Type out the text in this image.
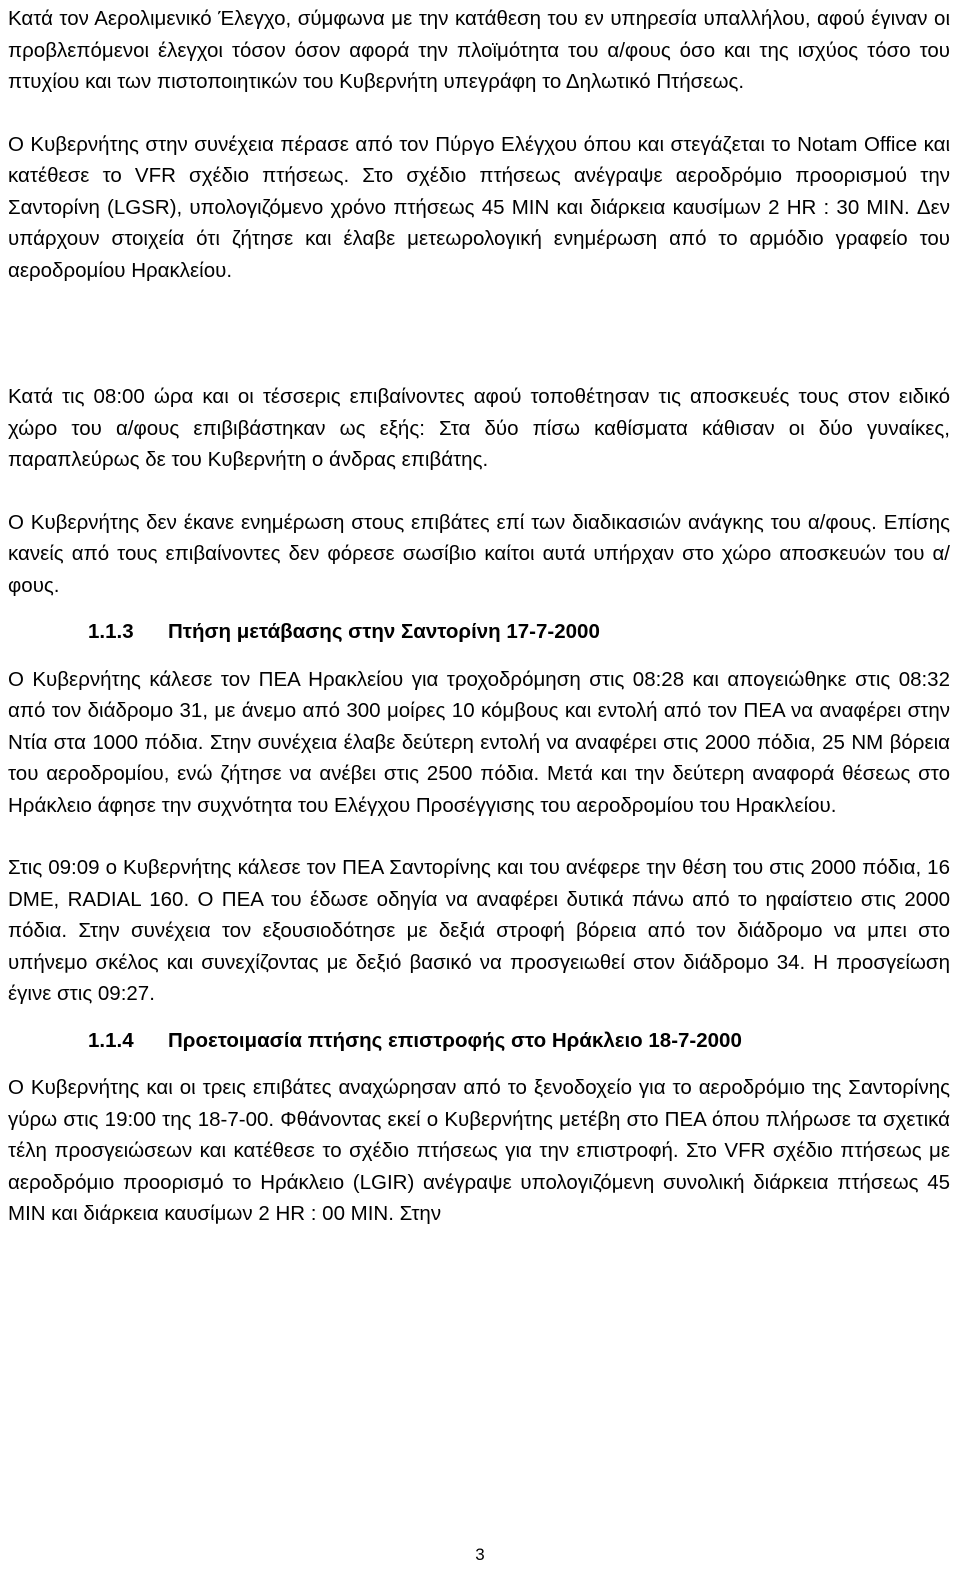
Κατά τον Αερολιμενικό Έλεγχο, σύμφωνα με την κατάθεση του εν υπηρεσία υπαλλήλου, αφού έγιναν οι προβλεπόμενοι έλεγχοι τόσον όσον αφορά την πλοϊμότητα του α/φους όσο και της ισχύος τόσο του πτυχίου και των πιστοποιητικών του Κυβερνήτη υπεγράφη το Δηλωτικό Πτήσεως.

Ο Κυβερνήτης στην συνέχεια πέρασε από τον Πύργο Ελέγχου όπου και στεγάζεται το Notam Office και κατέθεσε το VFR σχέδιο πτήσεως. Στο σχέδιο πτήσεως ανέγραψε αεροδρόμιο προορισμού την Σαντορίνη (LGSR), υπολογιζόμενο χρόνο πτήσεως 45 MIN και διάρκεια καυσίμων 2 HR : 30 MIN. Δεν υπάρχουν στοιχεία ότι ζήτησε και έλαβε μετεωρολογική ενημέρωση από το αρμόδιο γραφείο του αεροδρομίου Ηρακλείου.

Κατά τις 08:00 ώρα και οι τέσσερις επιβαίνοντες αφού τοποθέτησαν τις αποσκευές τους στον ειδικό χώρο του α/φους επιβιβάστηκαν ως εξής: Στα δύο πίσω καθίσματα κάθισαν οι δύο γυναίκες, παραπλεύρως δε του Κυβερνήτη ο άνδρας επιβάτης.

Ο Κυβερνήτης δεν έκανε ενημέρωση στους επιβάτες επί των διαδικασιών ανάγκης του α/φους. Επίσης κανείς από τους επιβαίνοντες δεν φόρεσε σωσίβιο καίτοι αυτά υπήρχαν στο χώρο αποσκευών του α/φους.

1.1.3 Πτήση μετάβασης στην Σαντορίνη 17-7-2000

Ο Κυβερνήτης κάλεσε τον ΠΕΑ Ηρακλείου για τροχοδρόμηση στις 08:28 και απογειώθηκε στις 08:32 από τον διάδρομο 31, με άνεμο από 300 μοίρες 10 κόμβους και εντολή από τον ΠΕΑ να αναφέρει στην Ντία στα 1000 πόδια. Στην συνέχεια έλαβε δεύτερη εντολή να αναφέρει στις 2000 πόδια, 25 NM βόρεια του αεροδρομίου, ενώ ζήτησε να ανέβει στις 2500 πόδια. Μετά και την δεύτερη αναφορά θέσεως στο Ηράκλειο άφησε την συχνότητα του Ελέγχου Προσέγγισης του αεροδρομίου του Ηρακλείου.

Στις 09:09 ο Κυβερνήτης κάλεσε τον ΠΕΑ Σαντορίνης και του ανέφερε την θέση του στις 2000 πόδια, 16 DME, RADIAL 160. Ο ΠΕΑ του έδωσε οδηγία να αναφέρει δυτικά πάνω από το ηφαίστειο στις 2000 πόδια. Στην συνέχεια τον εξουσιοδότησε με δεξιά στροφή βόρεια από τον διάδρομο να μπει στο υπήνεμο σκέλος και συνεχίζοντας με δεξιό βασικό να προσγειωθεί στον διάδρομο 34. Η προσγείωση έγινε στις 09:27.

1.1.4 Προετοιμασία πτήσης επιστροφής στο Ηράκλειο 18-7-2000

Ο Κυβερνήτης και οι τρεις επιβάτες αναχώρησαν από το ξενοδοχείο για το αεροδρόμιο της Σαντορίνης γύρω στις 19:00 της 18-7-00. Φθάνοντας εκεί ο Κυβερνήτης μετέβη στο ΠΕΑ όπου πλήρωσε τα σχετικά τέλη προσγειώσεων και κατέθεσε το σχέδιο πτήσεως για την επιστροφή. Στο VFR σχέδιο πτήσεως με αεροδρόμιο προορισμό το Ηράκλειο (LGIR) ανέγραψε υπολογιζόμενη συνολική διάρκεια πτήσεως 45 MIN και διάρκεια καυσίμων 2 HR : 00 MIN. Στην

3
